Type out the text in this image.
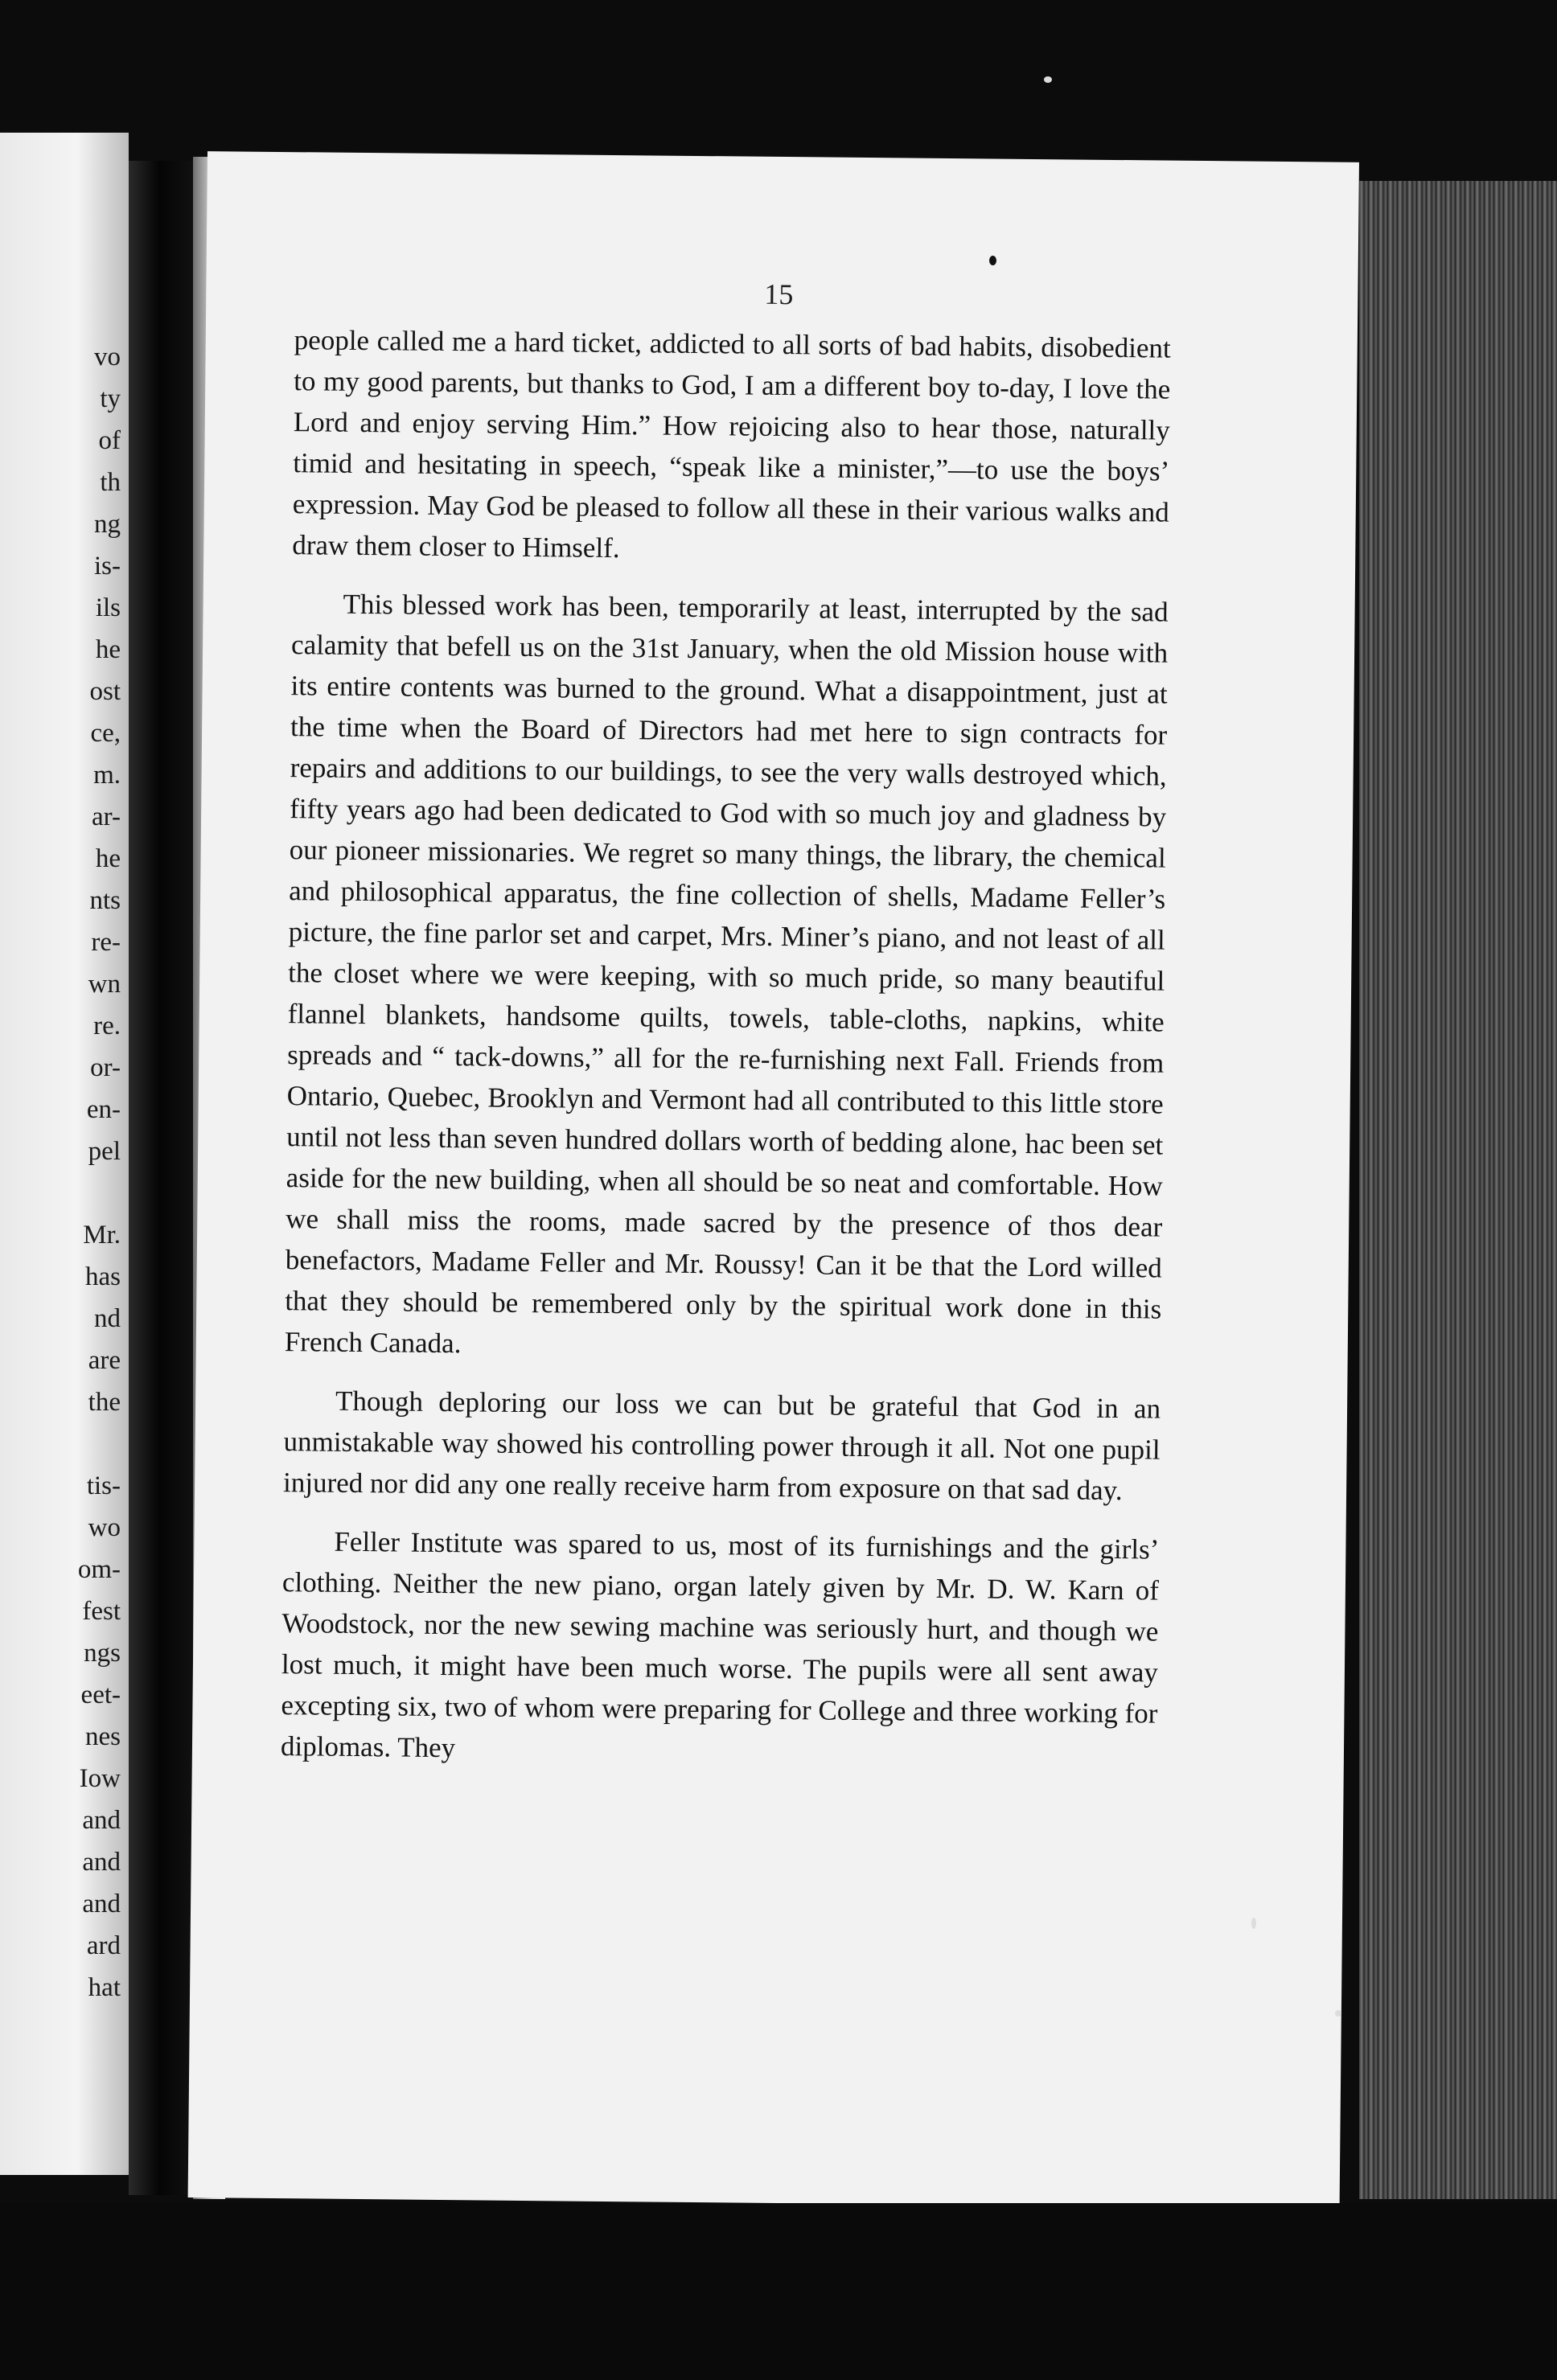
vo
ty
of
th
ng
is-
ils
he
ost
ce,
m.
ar-
he
nts
re-
wn
re.
or-
en-
pel

Mr.
has
nd
are
the

tis-
wo
om-
fest
ngs
eet-
nes
Iow
and
and
and
ard
hat
15

people called me a hard ticket, addicted to all sorts of bad habits, disobedient to my good parents, but thanks to God, I am a different boy to-day, I love the Lord and enjoy serving Him.” How rejoicing also to hear those, naturally timid and hesitating in speech, “speak like a minister,”—to use the boys’ expression. May God be pleased to follow all these in their various walks and draw them closer to Himself.

This blessed work has been, temporarily at least, interrupted by the sad calamity that befell us on the 31st January, when the old Mission house with its entire contents was burned to the ground. What a disappointment, just at the time when the Board of Directors had met here to sign contracts for repairs and additions to our buildings, to see the very walls destroyed which, fifty years ago had been dedicated to God with so much joy and gladness by our pioneer missionaries. We regret so many things, the library, the chemical and philosophical apparatus, the fine collection of shells, Madame Feller’s picture, the fine parlor set and carpet, Mrs. Miner’s piano, and not least of all the closet where we were keeping, with so much pride, so many beautiful flannel blankets, handsome quilts, towels, table-cloths, napkins, white spreads and “ tack-downs,” all for the re-furnishing next Fall. Friends from Ontario, Quebec, Brooklyn and Vermont had all contributed to this little store until not less than seven hundred dollars worth of bedding alone, hac been set aside for the new building, when all should be so neat and comfortable. How we shall miss the rooms, made sacred by the presence of thos dear benefactors, Madame Feller and Mr. Roussy! Can it be that the Lord willed that they should be remembered only by the spiritual work done in this French Canada.

Though deploring our loss we can but be grateful that God in an unmistakable way showed his controlling power through it all. Not one pupil injured nor did any one really receive harm from exposure on that sad day.

Feller Institute was spared to us, most of its furnishings and the girls’ clothing. Neither the new piano, organ lately given by Mr. D. W. Karn of Woodstock, nor the new sewing machine was seriously hurt, and though we lost much, it might have been much worse. The pupils were all sent away excepting six, two of whom were preparing for College and three working for diplomas. They
